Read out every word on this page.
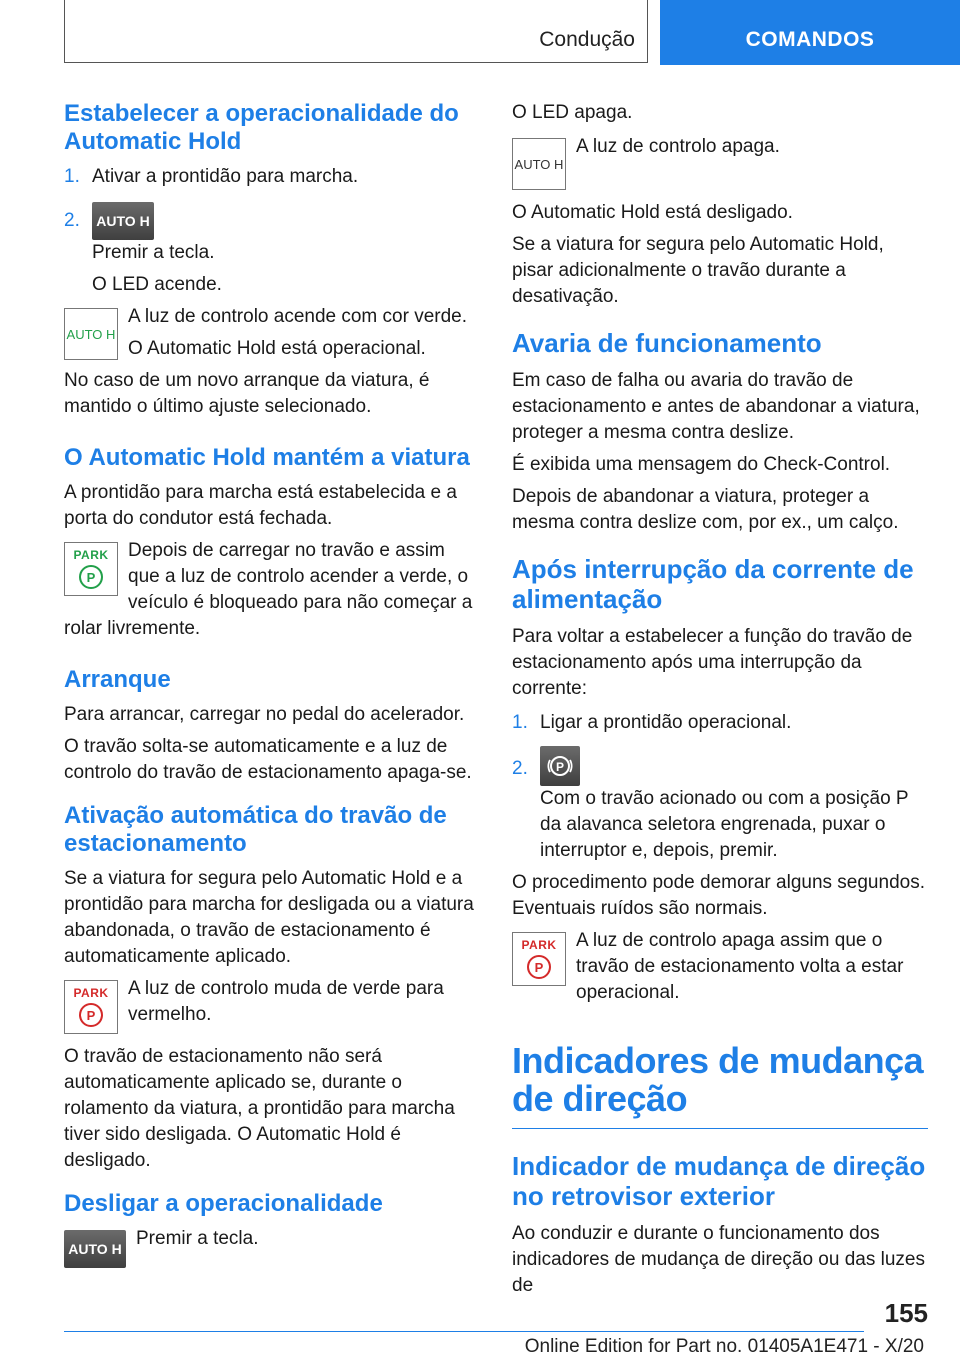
Condução	COMANDOS
Estabelecer a operacionalidade do Automatic Hold
1. Ativar a prontidão para marcha.
2.	AUTO H
Premir a tecla.
O LED acende.
AUTO H

A luz de controlo acende com cor verde.

O Automatic Hold está operacional.

No caso de um novo arranque da viatura, é mantido o último ajuste selecionado.

O Automatic Hold mantém a viatura

A prontidão para marcha está estabelecida e a porta do condutor está fechada.

PARK
P

Depois de carregar no travão e assim que a luz de controlo acender a verde, o veículo é bloqueado para não começar a rolar livremente.

Arranque

Para arrancar, carregar no pedal do acelerador.

O travão solta-se automaticamente e a luz de controlo do travão de estacionamento apaga-se.

Ativação automática do travão de estacionamento

Se a viatura for segura pelo Automatic Hold e a prontidão para marcha for desligada ou a viatura abandonada, o travão de estacionamento é automaticamente aplicado.

PARK
P

A luz de controlo muda de verde para vermelho.

O travão de estacionamento não será automaticamente aplicado se, durante o rolamento da viatura, a prontidão para marcha tiver sido desligada. O Automatic Hold é desligado.

Desligar a operacionalidade
AUTO H Premir a tecla.

O LED apaga.

AUTO H

A luz de controlo apaga.

O Automatic Hold está desligado.

Se a viatura for segura pelo Automatic Hold, pisar adicionalmente o travão durante a desativação.

Avaria de funcionamento

Em caso de falha ou avaria do travão de estacionamento e antes de abandonar a viatura, proteger a mesma contra deslize.

É exibida uma mensagem do Check-Control.

Depois de abandonar a viatura, proteger a mesma contra deslize com, por ex., um calço.

Após interrupção da corrente de alimentação

Para voltar a estabelecer a função do travão de estacionamento após uma interrupção da corrente:

1. Ligar a prontidão operacional.
2. P
Com o travão acionado ou com a posição P da alavanca seletora engrenada, puxar o interruptor e, depois, premir.

O procedimento pode demorar alguns segundos. Eventuais ruídos são normais.

PARK
P

A luz de controlo apaga assim que o travão de estacionamento volta a estar operacional.

Indicadores de mudança de direção
Indicador de mudança de direção no retrovisor exterior

Ao conduzir e durante o funcionamento dos indicadores de mudança de direção ou das luzes de

155
Online Edition for Part no. 01405A1E471 - X/20
